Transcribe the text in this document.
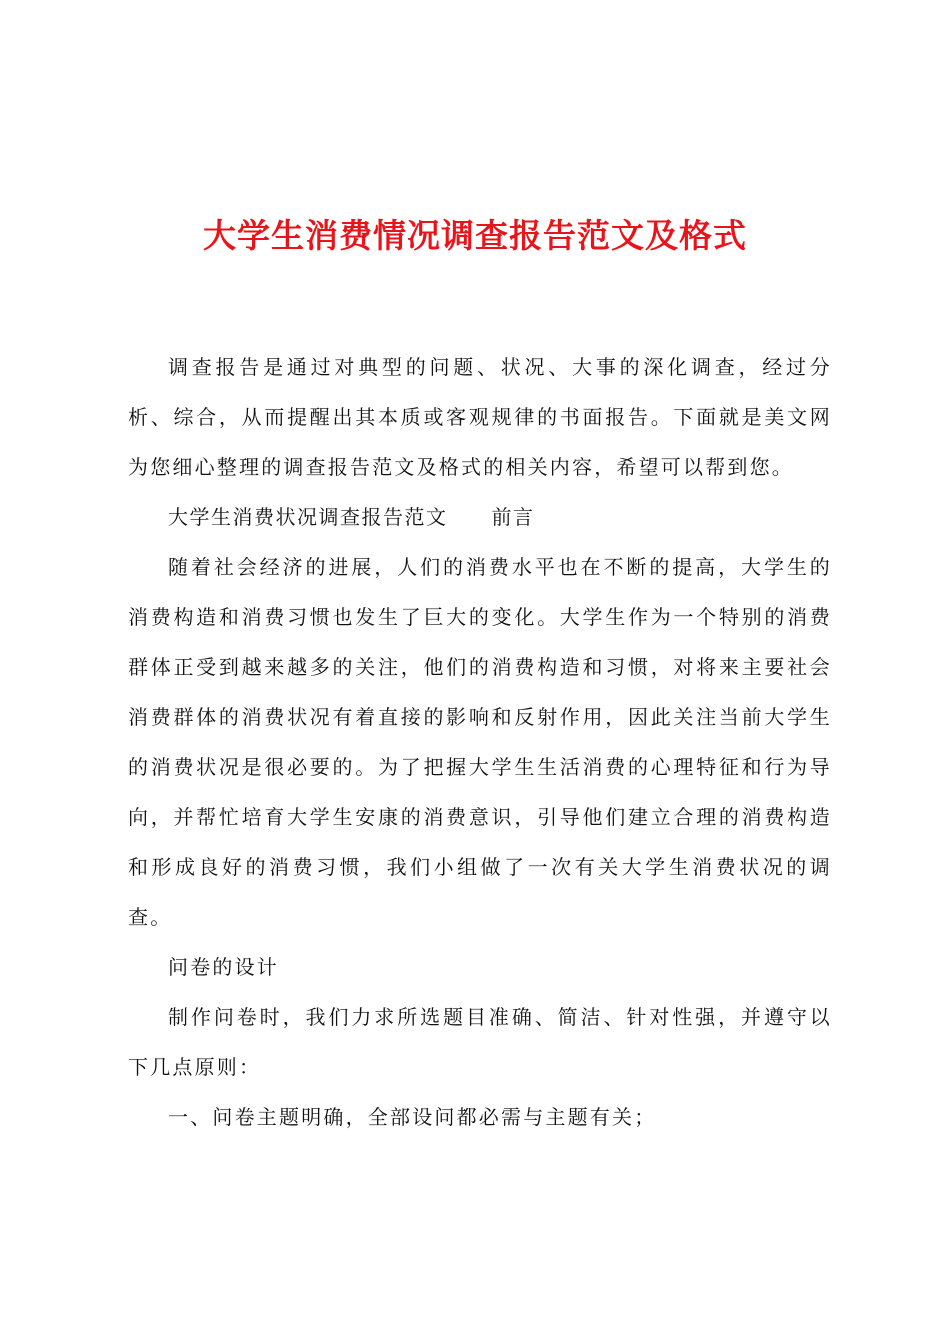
大学生消费情况调查报告范文及格式

调查报告是通过对典型的问题、状况、大事的深化调查，经过分析、综合，从而提醒出其本质或客观规律的书面报告。下面就是美文网为您细心整理的调查报告范文及格式的相关内容，希望可以帮到您。

大学生消费状况调查报告范文 前言

随着社会经济的进展，人们的消费水平也在不断的提高，大学生的消费构造和消费习惯也发生了巨大的变化。大学生作为一个特别的消费群体正受到越来越多的关注，他们的消费构造和习惯，对将来主要社会消费群体的消费状况有着直接的影响和反射作用，因此关注当前大学生的消费状况是很必要的。为了把握大学生生活消费的心理特征和行为导向，并帮忙培育大学生安康的消费意识，引导他们建立合理的消费构造和形成良好的消费习惯，我们小组做了一次有关大学生消费状况的调查。

问卷的设计

制作问卷时，我们力求所选题目准确、简洁、针对性强，并遵守以下几点原则：

一、问卷主题明确，全部设问都必需与主题有关；
